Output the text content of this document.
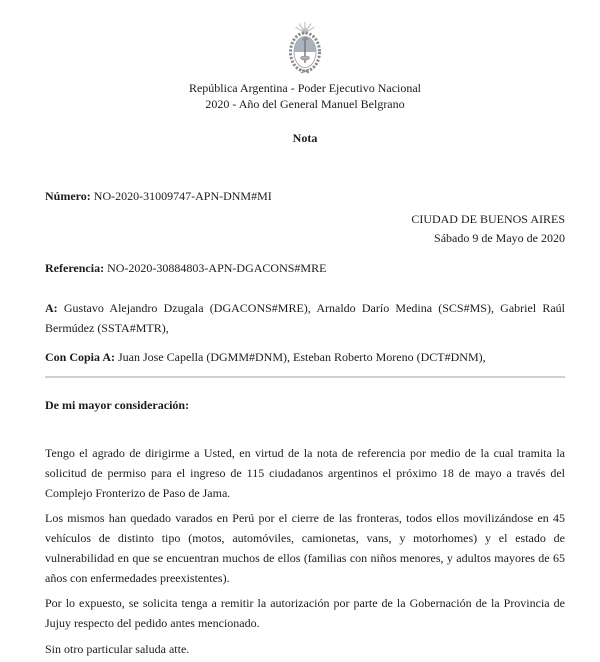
República Argentina - Poder Ejecutivo Nacional
2020 - Año del General Manuel Belgrano
Nota
Número: NO-2020-31009747-APN-DNM#MI
CIUDAD DE BUENOS AIRES
Sábado 9 de Mayo de 2020
Referencia: NO-2020-30884803-APN-DGACONS#MRE
A: Gustavo Alejandro Dzugala (DGACONS#MRE), Arnaldo Darío Medina (SCS#MS), Gabriel Raúl Bermúdez (SSTA#MTR),
Con Copia A: Juan Jose Capella (DGMM#DNM), Esteban Roberto Moreno (DCT#DNM),
De mi mayor consideración:

Tengo el agrado de dirigirme a Usted, en virtud de la nota de referencia por medio de la cual tramita la solicitud de permiso para el ingreso de 115 ciudadanos argentinos el próximo 18 de mayo a través del Complejo Fronterizo de Paso de Jama.

Los mismos han quedado varados en Perú por el cierre de las fronteras, todos ellos movilizándose en 45 vehículos de distinto tipo (motos, automóviles, camionetas, vans, y motorhomes) y el estado de vulnerabilidad en que se encuentran muchos de ellos (familias con niños menores, y adultos mayores de 65 años con enfermedades preexistentes).

Por lo expuesto, se solicita tenga a remitir la autorización por parte de la Gobernación de la Provincia de Jujuy respecto del pedido antes mencionado.

Sin otro particular saluda atte.
